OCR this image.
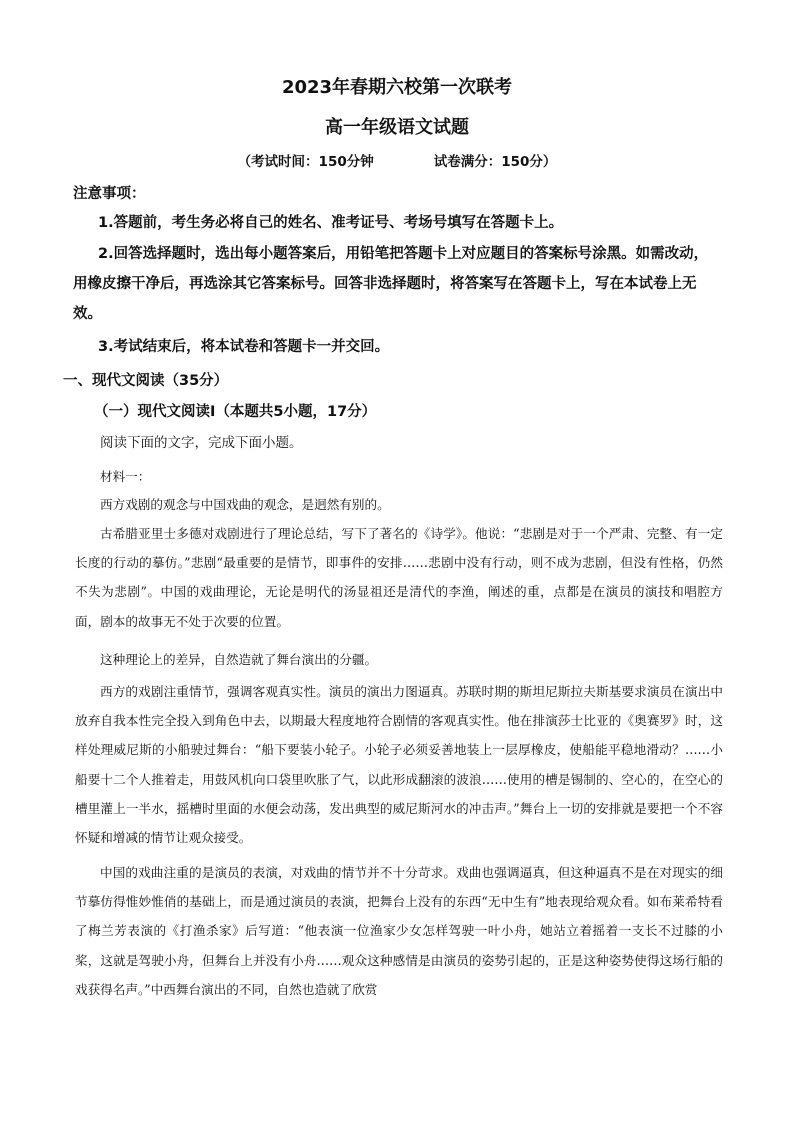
2023年春期六校第一次联考
高一年级语文试题
（考试时间：150分钟	试卷满分：150分）
注意事项：

1.答题前，考生务必将自己的姓名、准考证号、考场号填写在答题卡上。

2.回答选择题时，选出每小题答案后，用铅笔把答题卡上对应题目的答案标号涂黑。如需改动，用橡皮擦干净后，再选涂其它答案标号。回答非选择题时，将答案写在答题卡上，写在本试卷上无效。

3.考试结束后，将本试卷和答题卡一并交回。

一、现代文阅读（35分）
（一）现代文阅读Ⅰ（本题共5小题，17分）
阅读下面的文字，完成下面小题。

材料一：

西方戏剧的观念与中国戏曲的观念，是迥然有别的。

古希腊亚里士多德对戏剧进行了理论总结，写下了著名的《诗学》。他说：“悲剧是对于一个严肃、完整、有一定长度的行动的摹仿。”悲剧“最重要的是情节，即事件的安排……悲剧中没有行动，则不成为悲剧，但没有性格，仍然不失为悲剧”。中国的戏曲理论，无论是明代的汤显祖还是清代的李渔，阐述的重，点都是在演员的演技和唱腔方面，剧本的故事无不处于次要的位置。

这种理论上的差异，自然造就了舞台演出的分疆。

西方的戏剧注重情节，强调客观真实性。演员的演出力图逼真。苏联时期的斯坦尼斯拉夫斯基要求演员在演出中放弃自我本性完全投入到角色中去，以期最大程度地符合剧情的客观真实性。他在排演莎士比亚的《奥赛罗》时，这样处理威尼斯的小船驶过舞台：“船下要装小轮子。小轮子必须妥善地装上一层厚橡皮，使船能平稳地滑动？……小船要十二个人推着走，用鼓风机向口袋里吹胀了气，以此形成翻滚的波浪……使用的槽是锡制的、空心的，在空心的槽里灌上一半水，摇槽时里面的水便会动荡，发出典型的威尼斯河水的冲击声。”舞台上一切的安排就是要把一个不容怀疑和增减的情节让观众接受。

中国的戏曲注重的是演员的表演，对戏曲的情节并不十分苛求。戏曲也强调逼真，但这种逼真不是在对现实的细节摹仿得惟妙惟俏的基础上，而是通过演员的表演，把舞台上没有的东西“无中生有”地表现给观众看。如布莱希特看了梅兰芳表演的《打渔杀家》后写道：“他表演一位渔家少女怎样驾驶一叶小舟，她站立着摇着一支长不过膝的小桨，这就是驾驶小舟，但舞台上并没有小舟……观众这种感情是由演员的姿势引起的，正是这种姿势使得这场行船的戏获得名声。”中西舞台演出的不同，自然也造就了欣赏
